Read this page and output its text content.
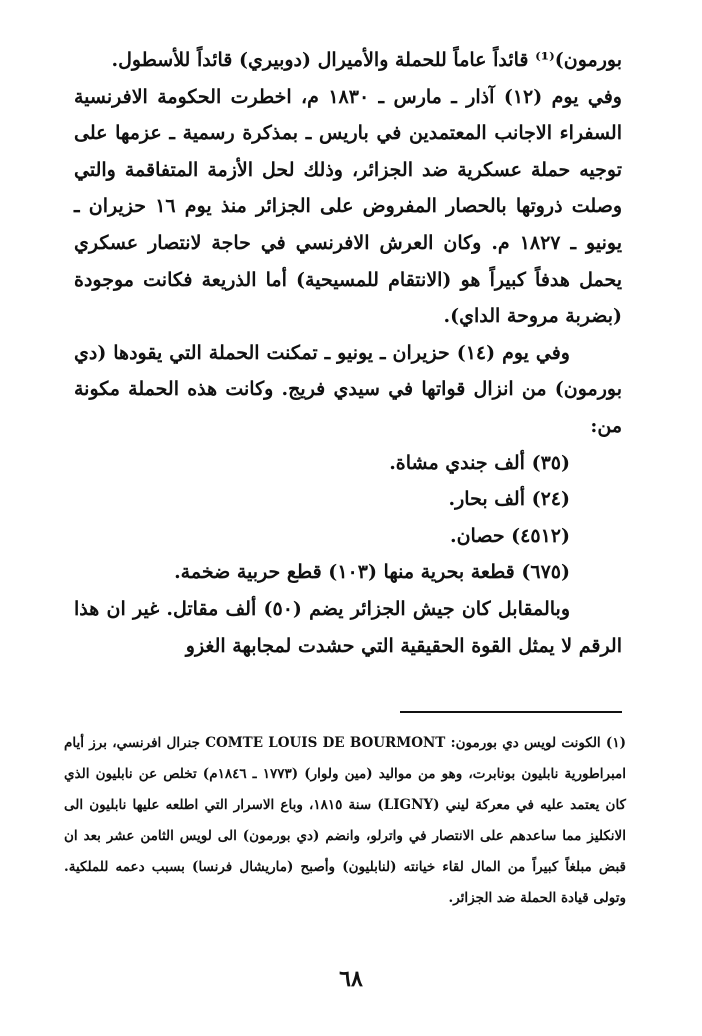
بورمون)⁽¹⁾ قائداً عاماً للحملة والأميرال (دوبيري) قائداً للأسطول.

وفي يوم (١٢) آذار ـ مارس ـ ١٨٣٠ م، اخطرت الحكومة الافرنسية السفراء الاجانب المعتمدين في باريس ـ بمذكرة رسمية ـ عزمها على توجيه حملة عسكرية ضد الجزائر، وذلك لحل الأزمة المتفاقمة والتي وصلت ذروتها بالحصار المفروض على الجزائر منذ يوم ١٦ حزيران ـ يونيو ـ ١٨٢٧ م. وكان العرش الافرنسي في حاجة لانتصار عسكري يحمل هدفاً كبيراً هو (الانتقام للمسيحية) أما الذريعة فكانت موجودة (بضربة مروحة الداي).

وفي يوم (١٤) حزيران ـ يونيو ـ تمكنت الحملة التي يقودها (دي بورمون) من انزال قواتها في سيدي فريج. وكانت هذه الحملة مكونة من:

(٣٥) ألف جندي مشاة.
(٢٤) ألف بحار.
(٤٥١٢) حصان.
(٦٧٥) قطعة بحرية منها (١٠٣) قطع حربية ضخمة.

وبالمقابل كان جيش الجزائر يضم (٥٠) ألف مقاتل. غير ان هذا الرقم لا يمثل القوة الحقيقية التي حشدت لمجابهة الغزو

(١) الكونت لويس دي بورمون: COMTE LOUIS DE BOURMONT جنرال افرنسي، برز أيام امبراطورية نابليون بونابرت، وهو من مواليد (مين ولوار) (١٧٧٣ ـ ١٨٤٦م) تخلص عن نابليون الذي كان يعتمد عليه في معركة ليني (LIGNY) سنة ١٨١٥، وباع الاسرار التي اطلعه عليها نابليون الى الانكليز مما ساعدهم على الانتصار في واترلو، وانضم (دي بورمون) الى لويس الثامن عشر بعد ان قبض مبلغاً كبيراً من المال لقاء خيانته (لنابليون) وأصبح (ماريشال فرنسا) بسبب دعمه للملكية. وتولى قيادة الحملة ضد الجزائر.

٦٨
